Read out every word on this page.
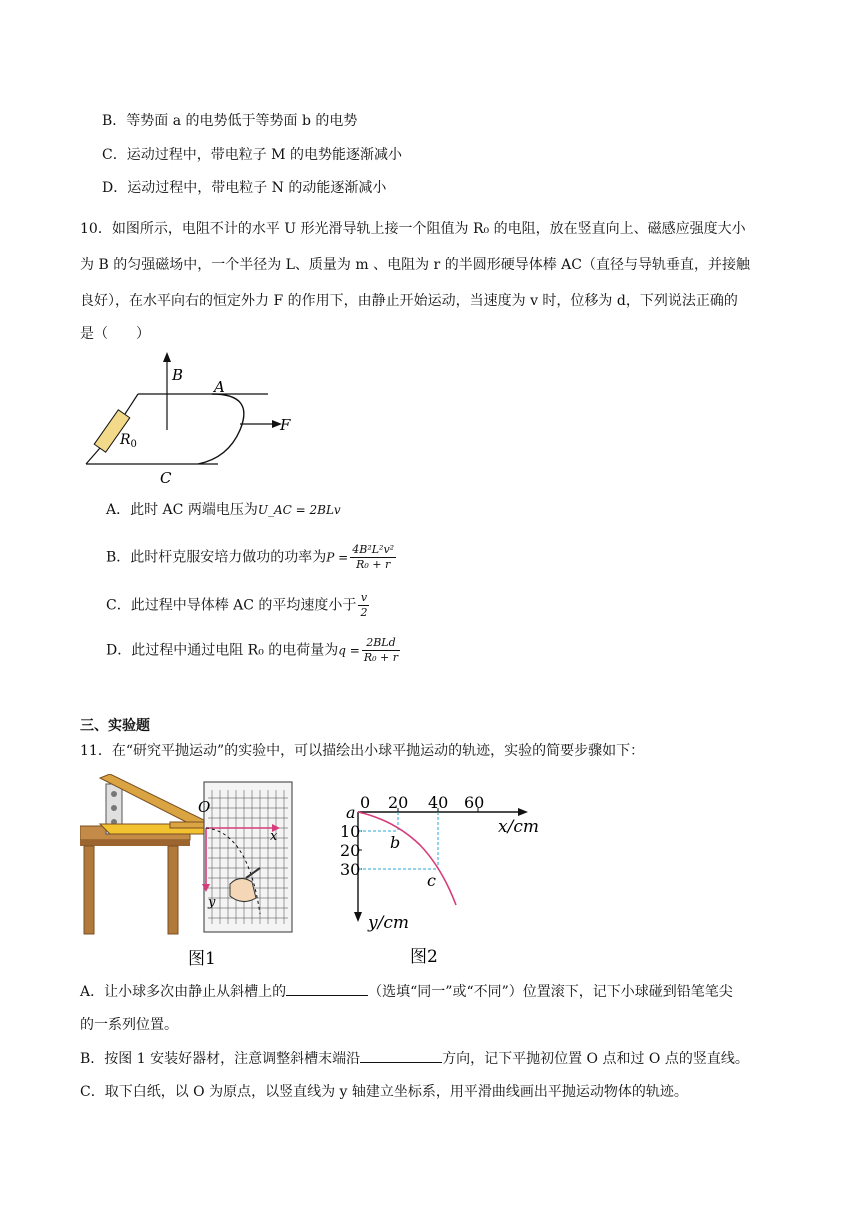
B．等势面 a 的电势低于等势面 b 的电势
C．运动过程中，带电粒子 M 的电势能逐渐减小
D．运动过程中，带电粒子 N 的动能逐渐减小
10．如图所示，电阻不计的水平 U 形光滑导轨上接一个阻值为 R₀ 的电阻，放在竖直向上、磁感应强度大小
为 B 的匀强磁场中，一个半径为 L、质量为 m 、电阻为 r 的半圆形硬导体棒 AC（直径与导轨垂直，并接触
良好），在水平向右的恒定外力 F 的作用下，由静止开始运动，当速度为 v 时，位移为 d，下列说法正确的
是（　　）
B
A
$R_0$
F
C
A．此时 AC 两端电压为U_AC = 2BLv
B．此时杆克服安培力做功的功率为$P = \frac{\text{4B²L²v²}}{\text{R₀ + r}}$
C．此过程中导体棒 AC 的平均速度小于 $\frac{v}{2}$
D．此过程中通过电阻 R₀ 的电荷量为$q = \frac{\text{2BLd}}{\text{R₀ + r}}$
三、实验题
11．在“研究平抛运动”的实验中，可以描绘出小球平抛运动的轨迹，实验的简要步骤如下：
O
x
y
图1
a
0 20 40 60
10
20
30
x/cm
y/cm
b
c
图2
A．让小球多次由静止从斜槽上的	（选填“同一”或“不同”）位置滚下，记下小球碰到铅笔笔尖
的一系列位置。
B．按图 1 安装好器材，注意调整斜槽末端沿	方向，记下平抛初位置 O 点和过 O 点的竖直线。
C．取下白纸，以 O 为原点，以竖直线为 y 轴建立坐标系，用平滑曲线画出平抛运动物体的轨迹。
